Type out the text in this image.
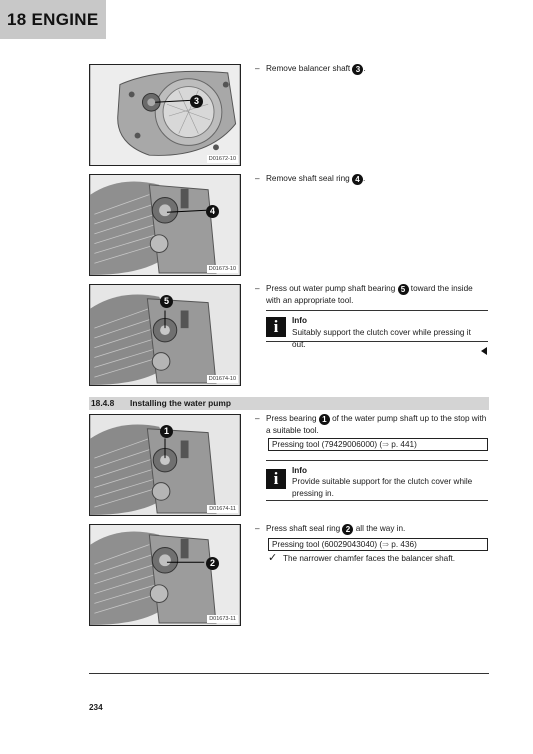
18 ENGINE
3
D01672-10
4
D01673-10
5
D01674-10
1
D01674-11
2
D01673-11
– Remove balancer shaft 3 .
– Remove shaft seal ring 4 .
– Press out water pump shaft bearing 5 toward the inside with an appropriate tool.
i	Info
Suitably support the clutch cover while pressing it out.
18.4.8 Installing the water pump
– Press bearing 1 of the water pump shaft up to the stop with a suitable tool.
Pressing tool (79429006000) (⇒ p. 441)
i	Info
Provide suitable support for the clutch cover while pressing in.
– Press shaft seal ring 2 all the way in.
Pressing tool (60029043040) (⇒ p. 436)
✓ The narrower chamfer faces the balancer shaft.
234
